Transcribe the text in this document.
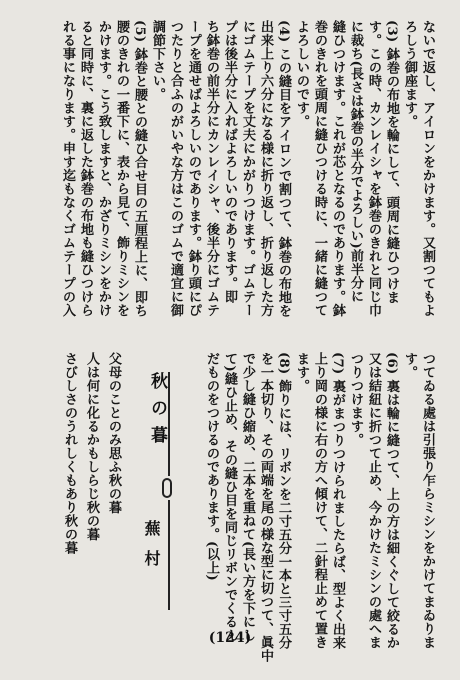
ないで返し、アイロンをかけます。又割つてもよ
ろしう御座ます。
(3) 鉢巻の布地を輪にして、頭周に縫ひつけま
す。この時、カンレイシャを鉢巻のきれと同じ巾
に裁ち(長さは鉢巻の半分でよろしい)前半分に
縫ひつけます。これが芯となるのであります。鉢
巻のきれを頭周に縫ひつける時に、一緒に縫つて
よろしいのです。
(4) この縫目をアイロンで割つて、鉢巻の布地を
出来上り六分になる様に折り返し、折り返した方
にゴムテープを丈夫にかがりつけます。ゴムテー
プは後半分に入ればよろしいのであります。即
ち鉢巻の前半分にカンレイシャ、後半分にゴムテ
ープを通せばよろしいのであります。鉢り頭にぴ
つたりと合ふのがいやな方はこのゴムで適宜に御
調節下さい。
(5) 鉢巻と腰との縫ひ合せ目の五厘程上に、即ち
腰のきれの一番下に、表から見て、飾りミシンを
かけます。こう致しますと、かざりミシンをかけ
ると同時に、裏に返した鉢巻の布地も縫ひつけら
れる事になります。申す迄もなくゴムテープの入
つてゐる處は引張り乍らミシンをかけてまゐりま
す。
(6) 裏は輪に縫つて、上の方は細くぐして絞るか
又は結紐に折つて止め、今かけたミシンの處へま
つりつけます。
(7) 裏がまつりつけられましたらば、型よく出来
上り岡の様に右の方へ傾けて、二針程止めて置き
ます。
(8) 飾りには、リボンを二寸五分一本と三寸五分
を一本切り、その両端を尾の様な型に切つて、眞中
で少し縫ひ縮め、二本を重ねて(長い方を下にし
て)縫ひ止め、その縫ひ目を同じリボンでくるん
だものをつけるのであります。(以上)
秋の暮
蕪村
父母のことのみ思ふ秋の暮
人は何に化るかもしらじ秋の暮
さびしさのうれしくもあり秋の暮
(124)
